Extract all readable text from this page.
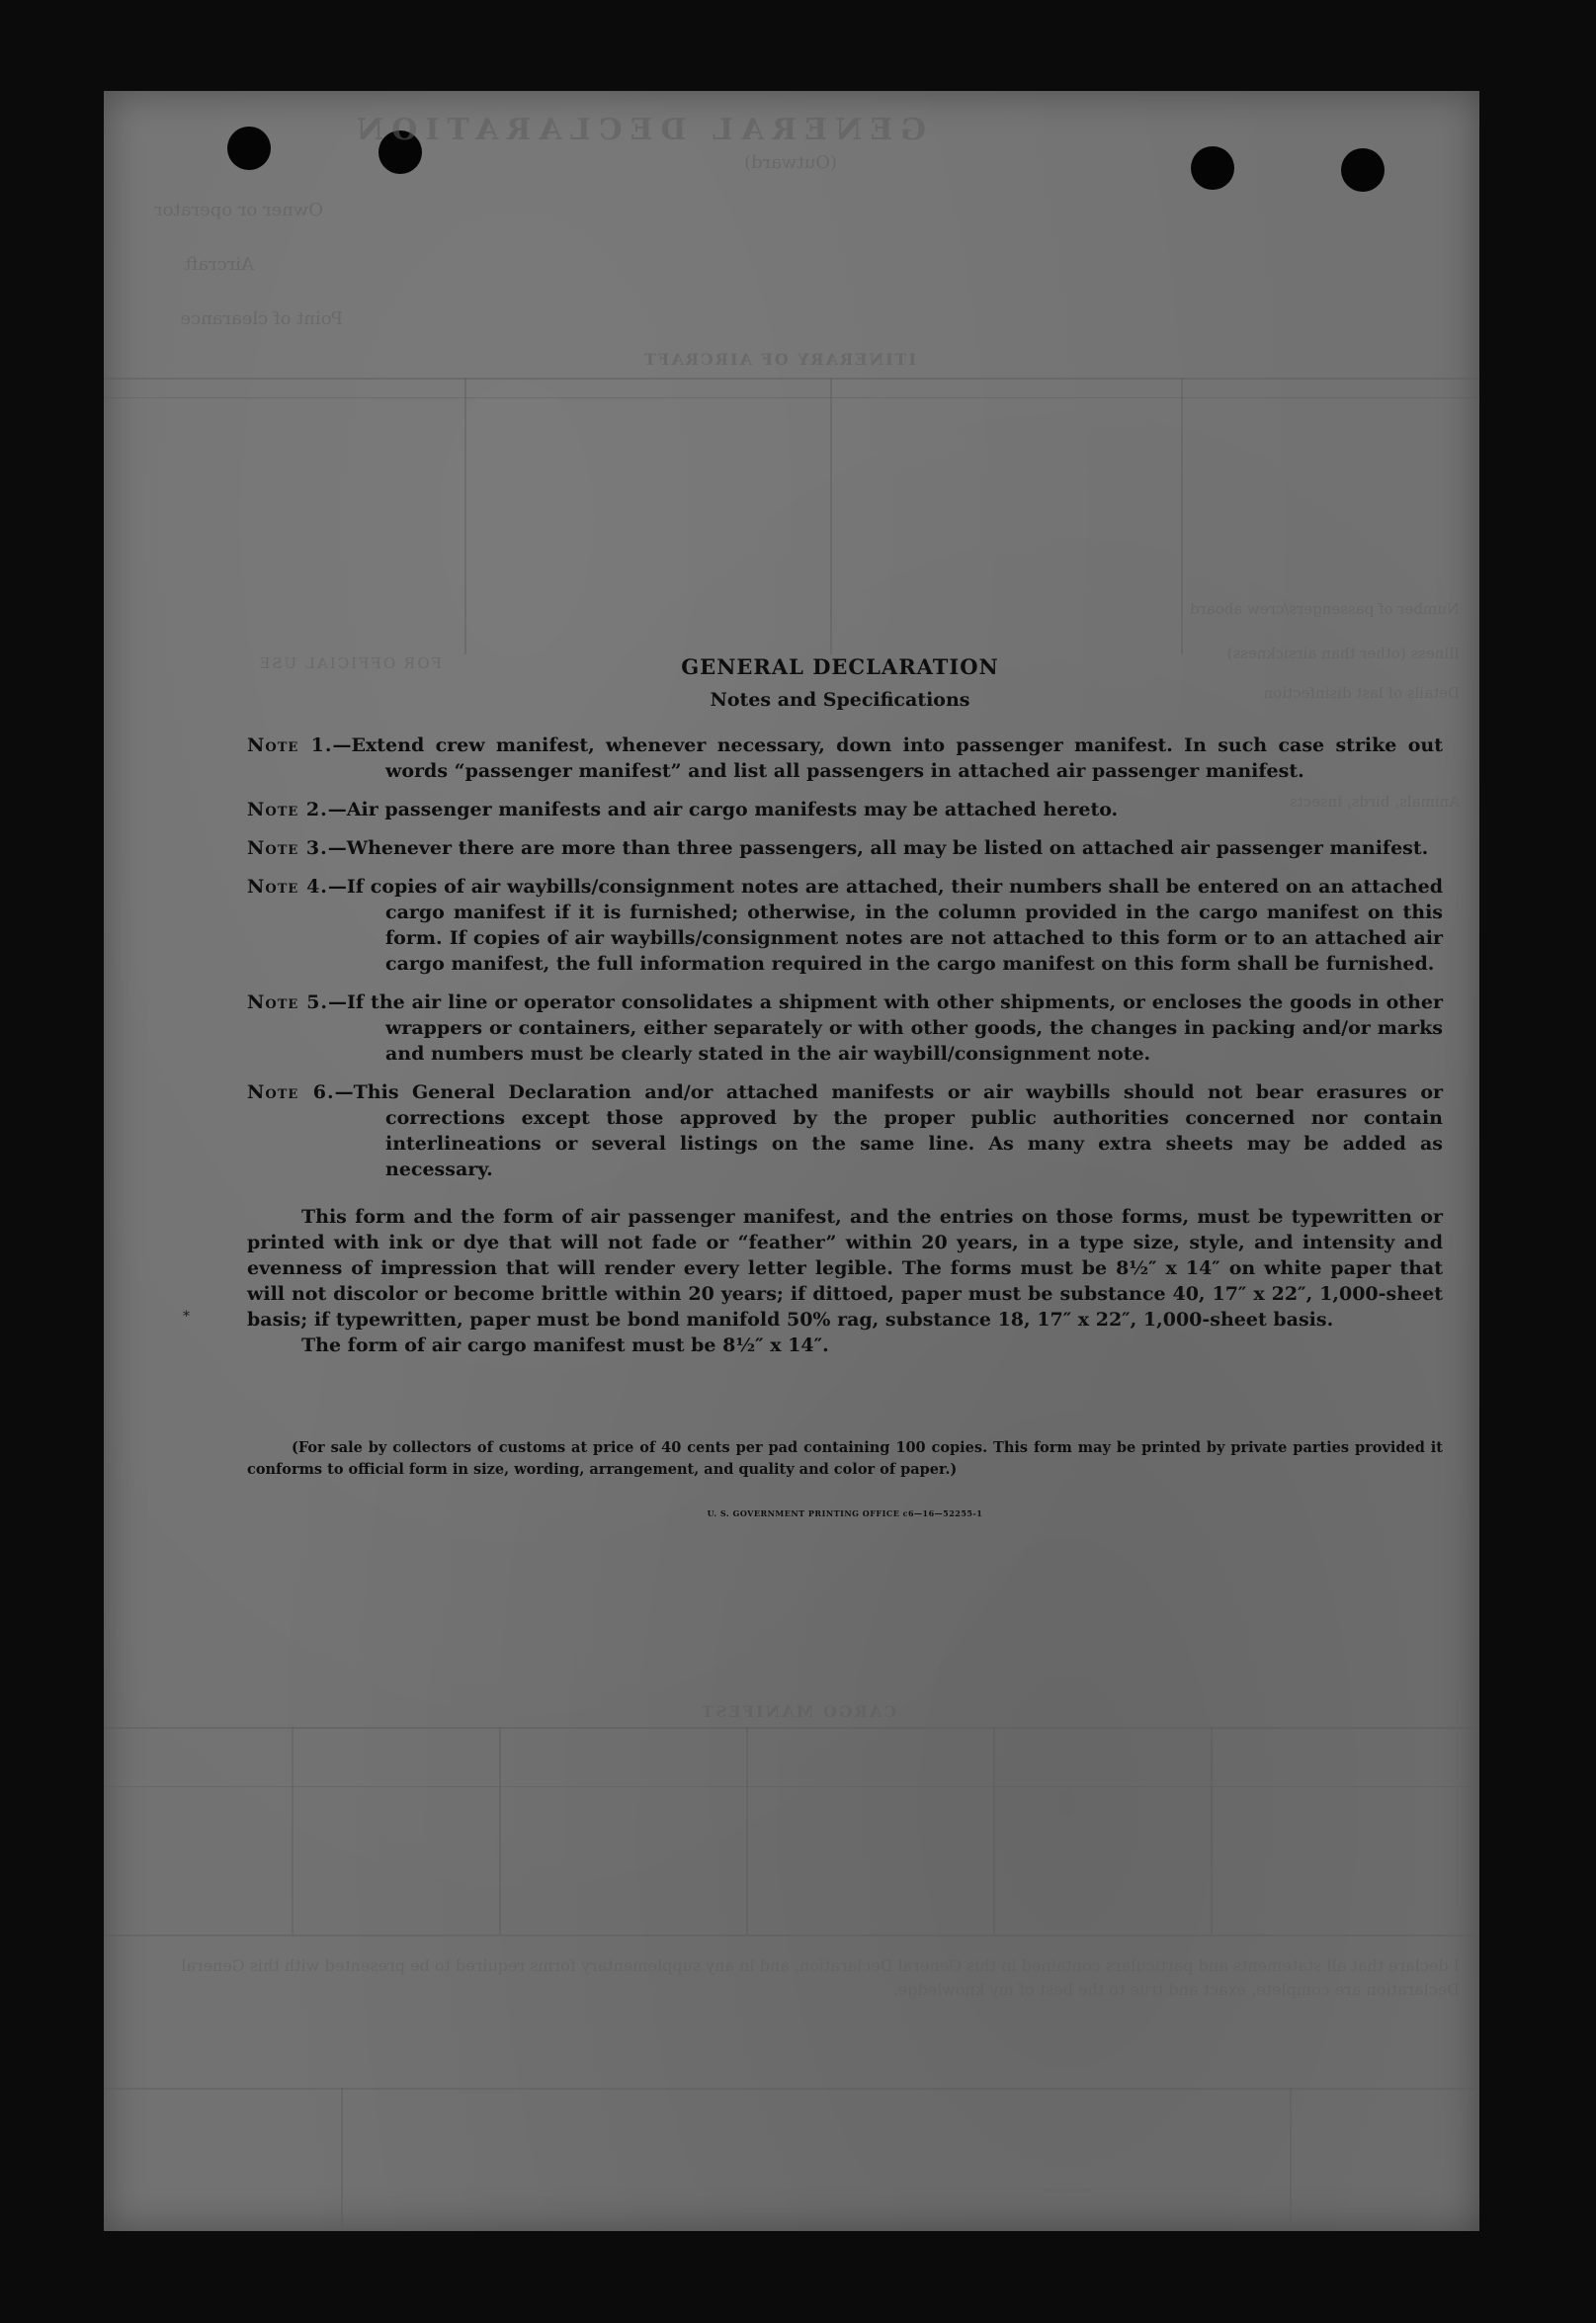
GENERAL DECLARATION
(Outward)
Owner or operator
Aircraft
Point of clearance
ITINERARY OF AIRCRAFT
Number of passengers/crew aboard
Illness (other than airsickness)
Details of last disinfection
Animals, birds, insects
FOR OFFICIAL USE
CARGO MANIFEST
I declare that all statements and particulars contained in this General Declaration, and in any supplementary forms required to be presented with this General Declaration are complete, exact and true to the best of my knowledge.
GENERAL DECLARATION
Notes and Specifications
Note 1.—Extend crew manifest, whenever necessary, down into passenger manifest. In such case strike out words “passenger manifest” and list all passengers in attached air passenger manifest.
Note 2.—Air passenger manifests and air cargo manifests may be attached hereto.
Note 3.—Whenever there are more than three passengers, all may be listed on attached air passenger manifest.
Note 4.—If copies of air waybills/consignment notes are attached, their numbers shall be entered on an attached cargo manifest if it is furnished; otherwise, in the column provided in the cargo manifest on this form. If copies of air waybills/consignment notes are not attached to this form or to an attached air cargo manifest, the full information required in the cargo manifest on this form shall be furnished.
Note 5.—If the air line or operator consolidates a shipment with other shipments, or encloses the goods in other wrappers or containers, either separately or with other goods, the changes in packing and/or marks and numbers must be clearly stated in the air waybill/consignment note.
Note 6.—This General Declaration and/or attached manifests or air waybills should not bear erasures or corrections except those approved by the proper public authorities concerned nor contain interlineations or several listings on the same line. As many extra sheets may be added as necessary.
This form and the form of air passenger manifest, and the entries on those forms, must be typewritten or printed with ink or dye that will not fade or “feather” within 20 years, in a type size, style, and intensity and evenness of impression that will render every letter legible. The forms must be 8½″ x 14″ on white paper that will not discolor or become brittle within 20 years; if dittoed, paper must be substance 40, 17″ x 22″, 1,000-sheet basis; if typewritten, paper must be bond manifold 50% rag, substance 18, 17″ x 22″, 1,000-sheet basis.
The form of air cargo manifest must be 8½″ x 14″.
(For sale by collectors of customs at price of 40 cents per pad containing 100 copies. This form may be printed by private parties provided it conforms to official form in size, wording, arrangement, and quality and color of paper.)
U. S. GOVERNMENT PRINTING OFFICE c6—16—52255-1
*
